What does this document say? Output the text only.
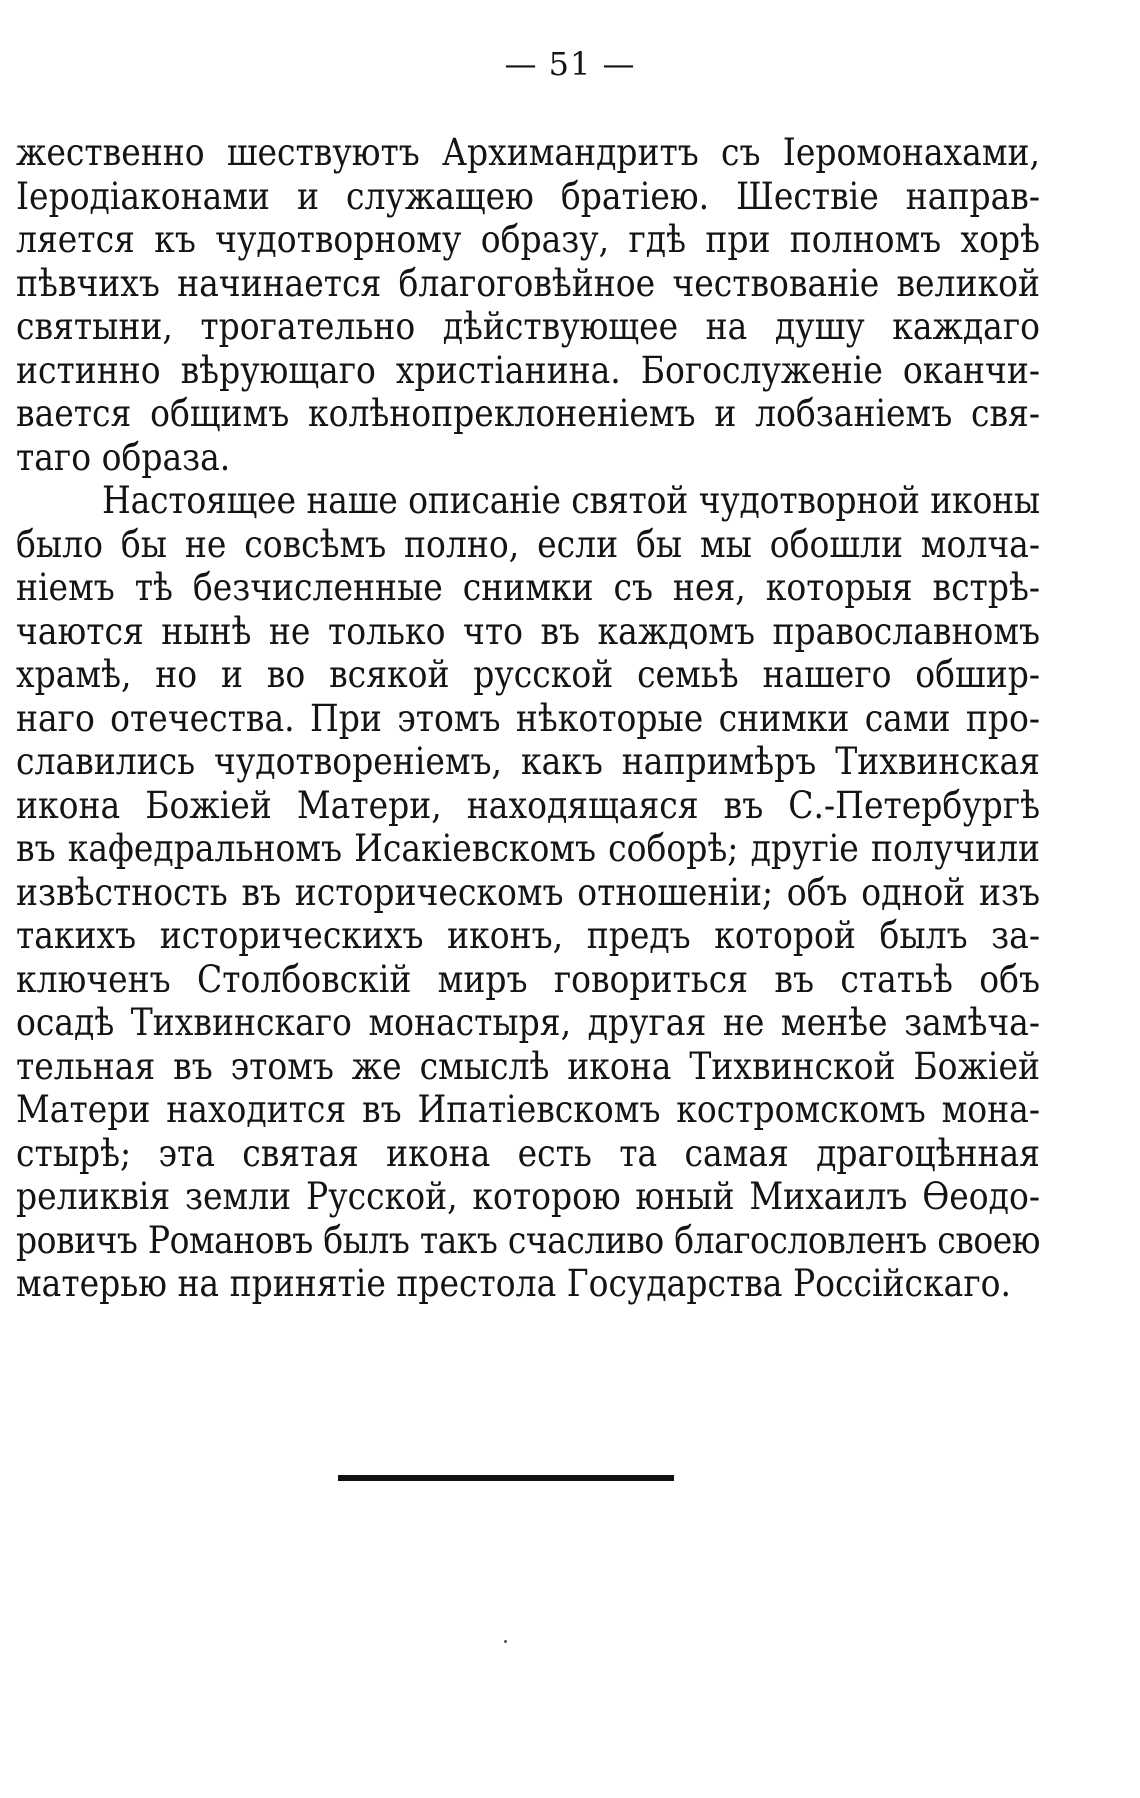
— 51 —
жественно шествуютъ Архимандритъ съ Іеромонахами,
Іеродіаконами и служащею братіею. Шествіе направ-
ляется къ чудотворному образу, гдѣ при полномъ хорѣ
пѣвчихъ начинается благоговѣйное чествованіе великой
святыни, трогательно дѣйствующее на душу каждаго
истинно вѣрующаго христіанина. Богослуженіе оканчи-
вается общимъ колѣнопреклоненіемъ и лобзаніемъ свя-
таго образа.
Настоящее наше описаніе святой чудотворной иконы
было бы не совсѣмъ полно, если бы мы обошли молча-
ніемъ тѣ безчисленные снимки съ нея, которыя встрѣ-
чаются нынѣ не только что въ каждомъ православномъ
храмѣ, но и во всякой русской семьѣ нашего обшир-
наго отечества. При этомъ нѣкоторые снимки сами про-
славились чудотвореніемъ, какъ напримѣръ Тихвинская
икона Божіей Матери, находящаяся въ С.-Петербургѣ
въ кафедральномъ Исакіевскомъ соборѣ; другіе получили
извѣстность въ историческомъ отношеніи; объ одной изъ
такихъ историческихъ иконъ, предъ которой былъ за-
ключенъ Столбовскій миръ говориться въ статьѣ объ
осадѣ Тихвинскаго монастыря, другая не менѣе замѣча-
тельная въ этомъ же смыслѣ икона Тихвинской Божіей
Матери находится въ Ипатіевскомъ костромскомъ мона-
стырѣ; эта святая икона есть та самая драгоцѣнная
реликвія земли Русской, которою юный Михаилъ Ѳеодо-
ровичъ Романовъ былъ такъ счасливо благословленъ своею
матерью на принятіе престола Государства Россійскаго.
